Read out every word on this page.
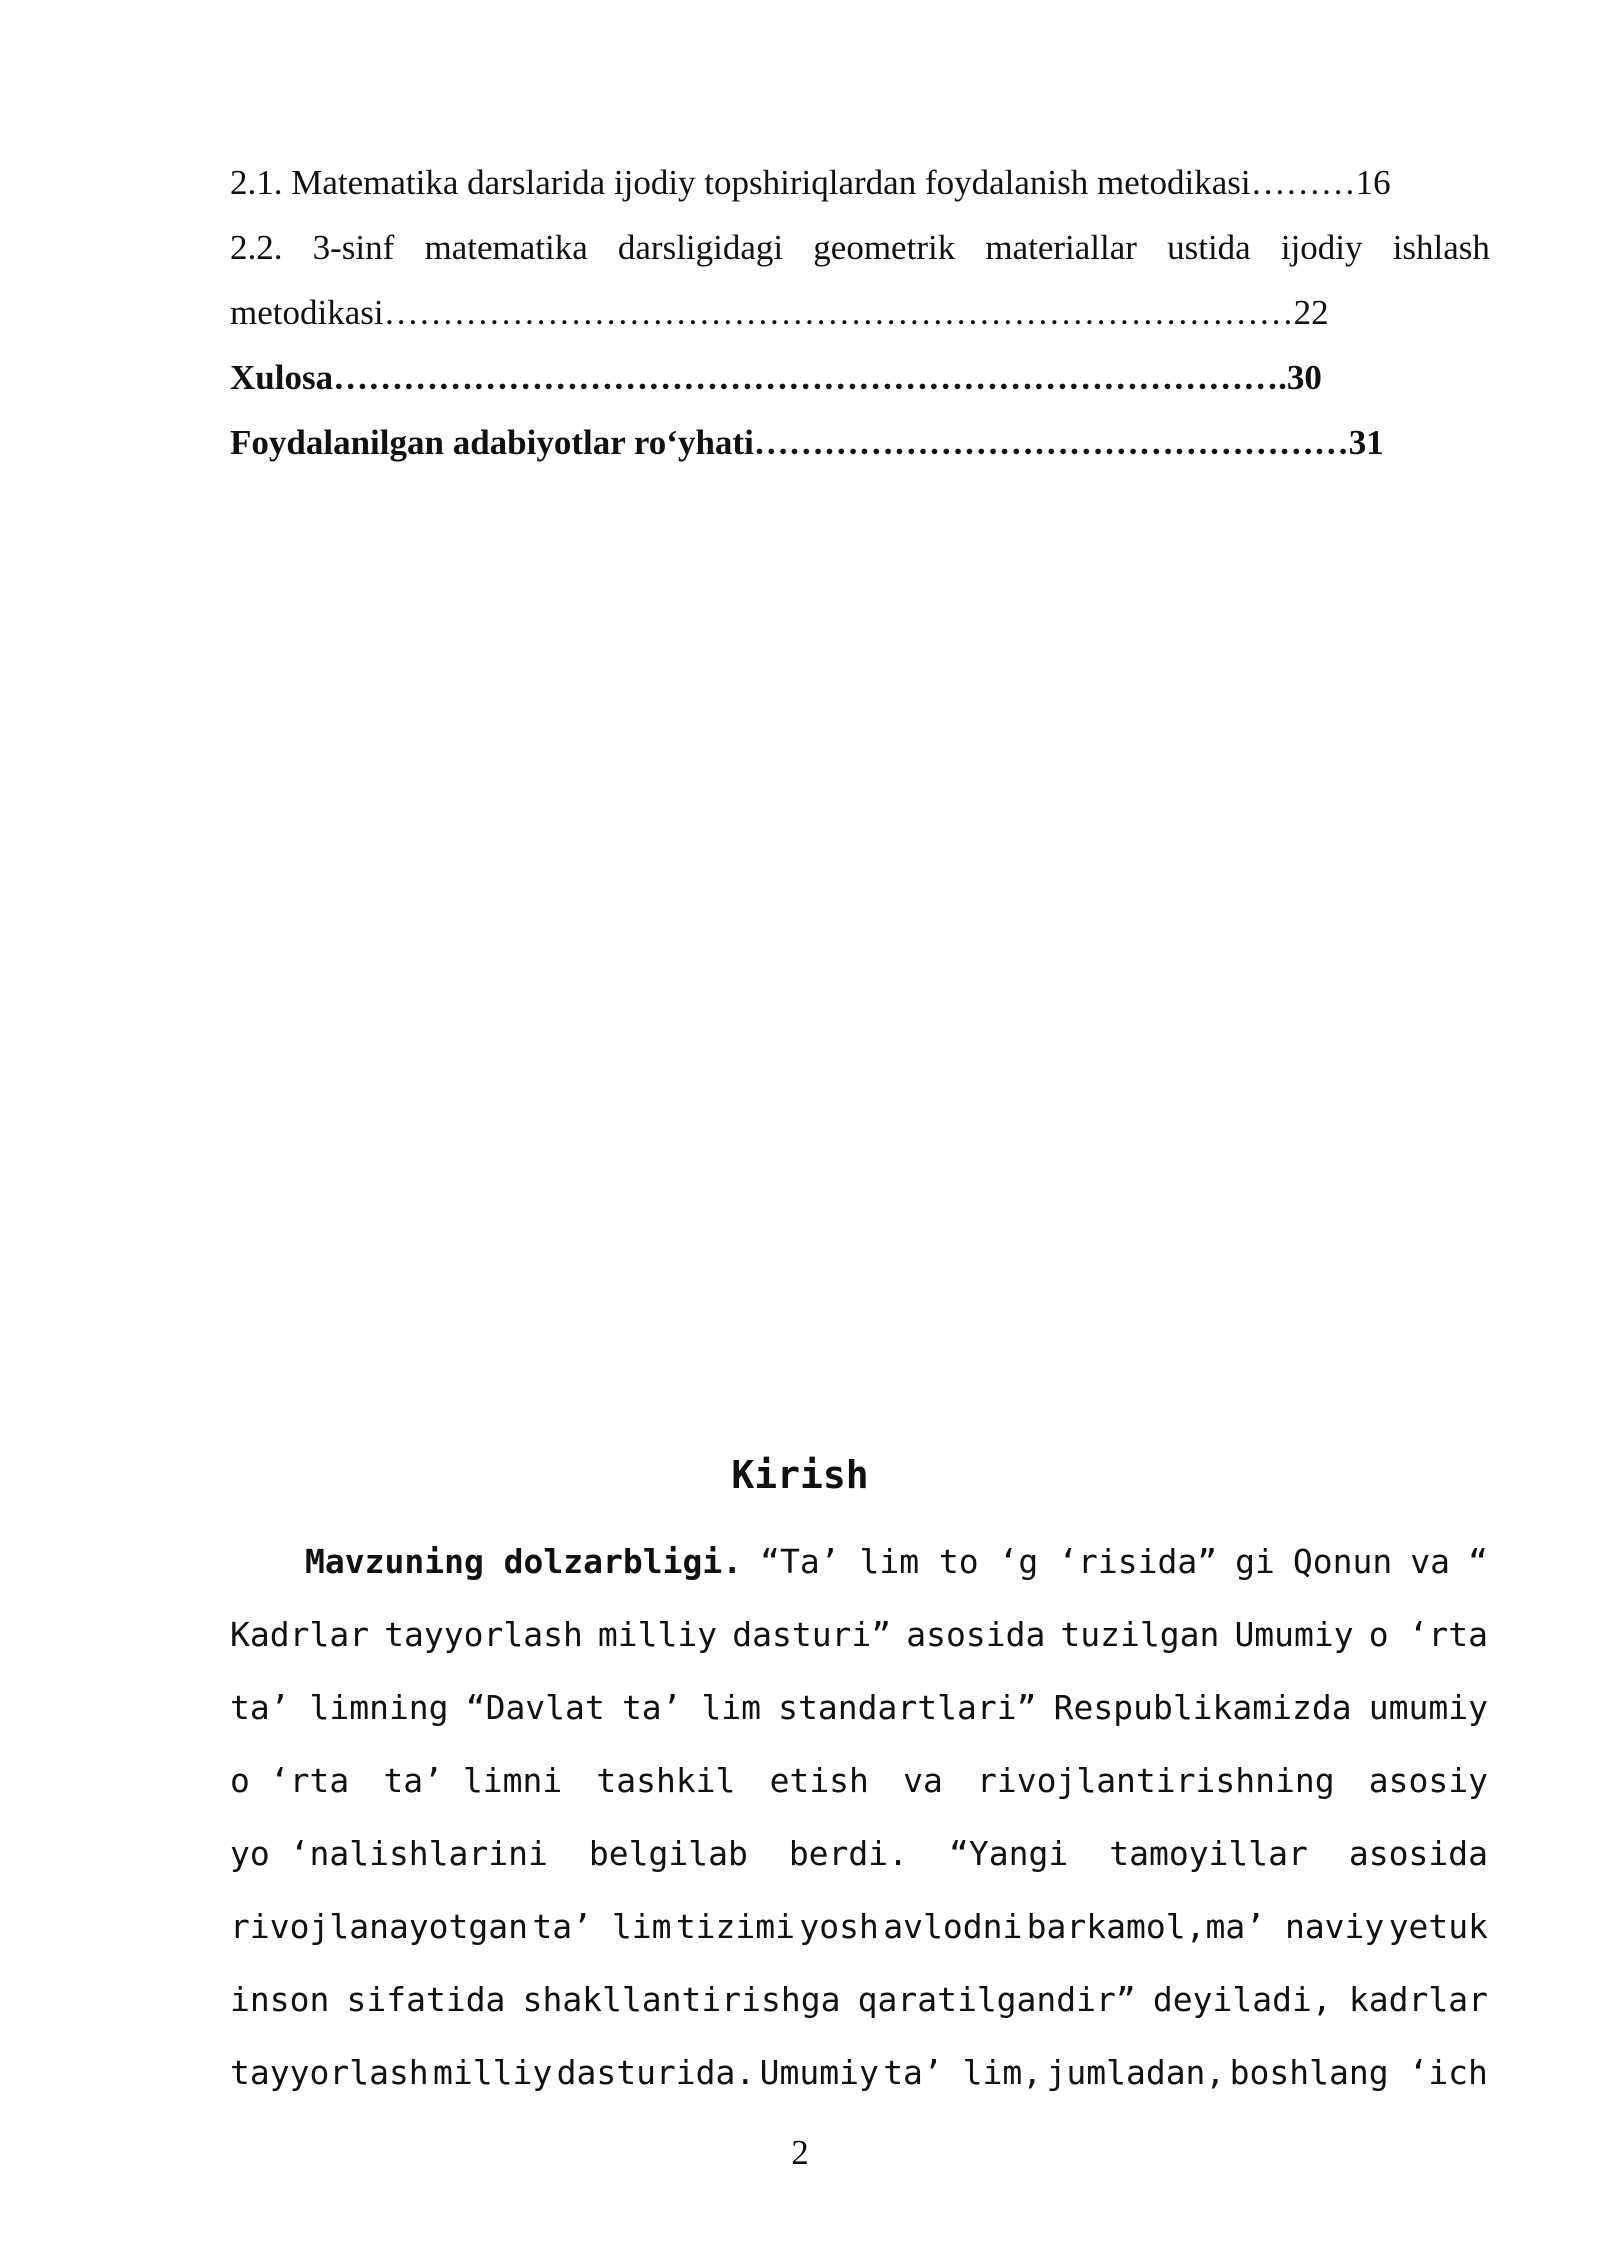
2.1. Matematika darslarida ijodiy topshiriqlardan foydalanish metodikasi………16
2.2. 3-sinf matematika darsligidagi geometrik materiallar ustida ijodiy ishlash
metodikasi……………………………………………………………………22
Xulosa……………………………………………………………………….30
Foydalanilgan adabiyotlar ro‘yhati……………………………………………31
Kirish
Mavzuning dolzarbligi. “Ta’ lim to ‘g ‘risida” gi Qonun va “
Kadrlar tayyorlash milliy dasturi” asosida tuzilgan Umumiy o ‘rta
ta’ limning “Davlat ta’ lim standartlari” Respublikamizda umumiy
o ‘rta ta’ limni tashkil etish va rivojlantirishning asosiy
yo ‘nalishlarini belgilab berdi. “Yangi tamoyillar asosida
rivojlanayotgan ta’ lim tizimi yosh avlodni barkamol,ma’ naviy yetuk
inson sifatida shakllantirishga qaratilgandir” deyiladi, kadrlar
tayyorlash milliy dasturida. Umumiy ta’ lim, jumladan, boshlang ‘ich
2
